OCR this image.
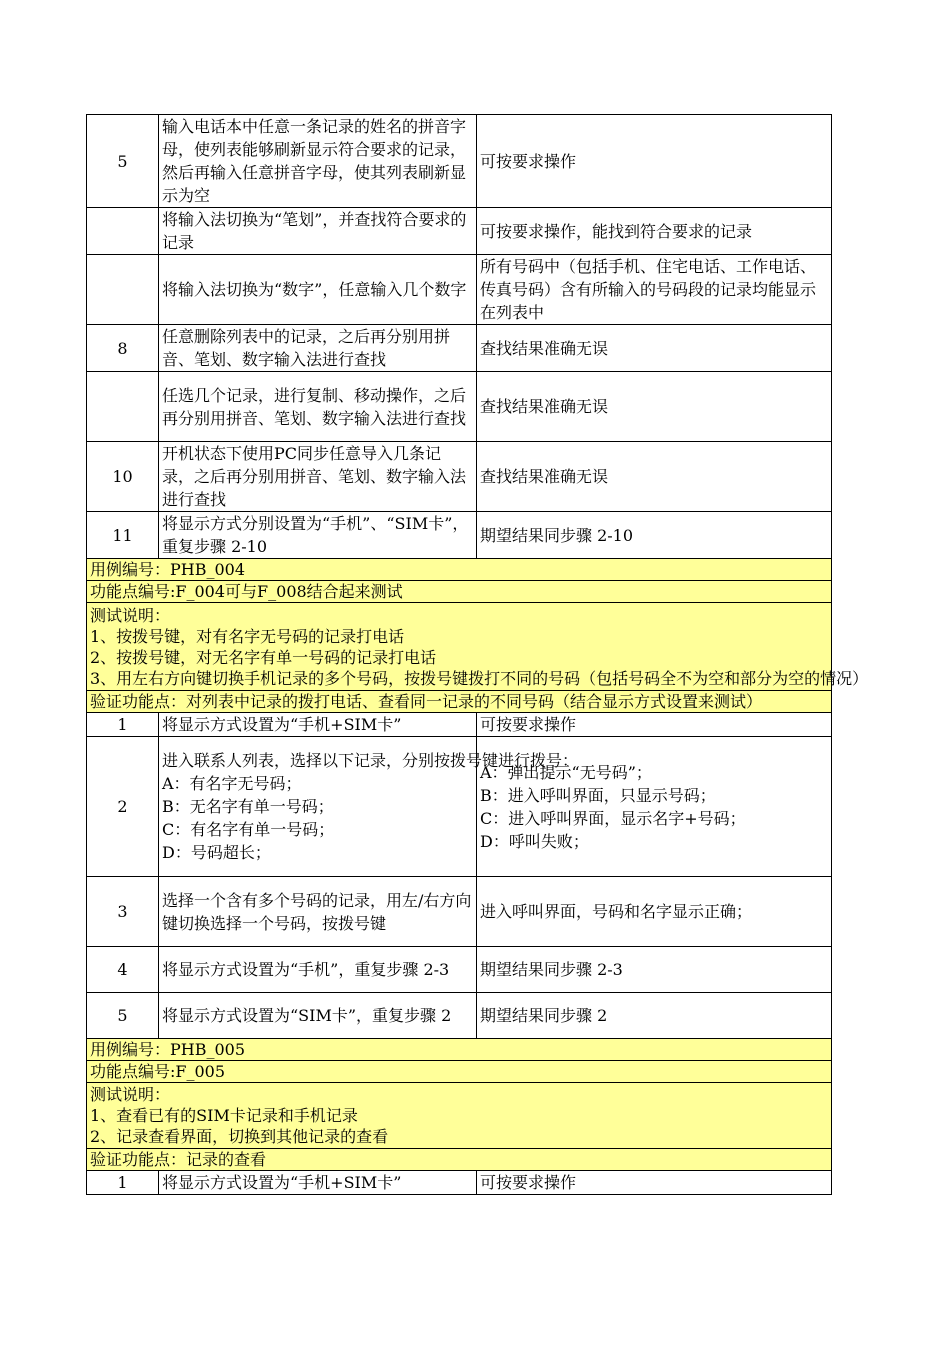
5	输入电话本中任意一条记录的姓名的拼音字母，使列表能够刷新显示符合要求的记录，然后再输入任意拼音字母，使其列表刷新显示为空	可按要求操作
	将输入法切换为“笔划”，并查找符合要求的记录	可按要求操作，能找到符合要求的记录
	将输入法切换为“数字”，任意输入几个数字	所有号码中（包括手机、住宅电话、工作电话、传真号码）含有所输入的号码段的记录均能显示在列表中
8	任意删除列表中的记录，之后再分别用拼音、笔划、数字输入法进行查找	查找结果准确无误
	任选几个记录，进行复制、移动操作，之后再分别用拼音、笔划、数字输入法进行查找	查找结果准确无误
10	开机状态下使用PC同步任意导入几条记录，之后再分别用拼音、笔划、数字输入法进行查找	查找结果准确无误
11	将显示方式分别设置为“手机”、“SIM卡”，重复步骤 2-10	期望结果同步骤 2-10

用例编号：PHB_004		

功能点编号:F_004可与F_008结合起来测试		

测试说明：
1、按拨号键，对有名字无号码的记录打电话
2、按拨号键，对无名字有单一号码的记录打电话
3、用左右方向键切换手机记录的多个号码，按拨号键拨打不同的号码（包括号码全不为空和部分为空的情况）		

验证功能点：对列表中记录的拨打电话、查看同一记录的不同号码（结合显示方式设置来测试）		

1	将显示方式设置为“手机+SIM卡”	可按要求操作
2	进入联系人列表，选择以下记录，分别按拨号键进行拨号：
A：有名字无号码；
B：无名字有单一号码；
C：有名字有单一号码；
D：号码超长；	A：弹出提示“无号码”；
B：进入呼叫界面，只显示号码；
C：进入呼叫界面，显示名字+号码；
D：呼叫失败；

3	选择一个含有多个号码的记录，用左/右方向键切换选择一个号码，按拨号键	进入呼叫界面，号码和名字显示正确；
4	将显示方式设置为“手机”，重复步骤 2-3	期望结果同步骤 2-3
5	将显示方式设置为“SIM卡”，重复步骤 2	期望结果同步骤 2

用例编号：PHB_005		

功能点编号:F_005		

测试说明：
1、查看已有的SIM卡记录和手机记录
2、记录查看界面，切换到其他记录的查看		

验证功能点：记录的查看		

1	将显示方式设置为“手机+SIM卡”	可按要求操作
